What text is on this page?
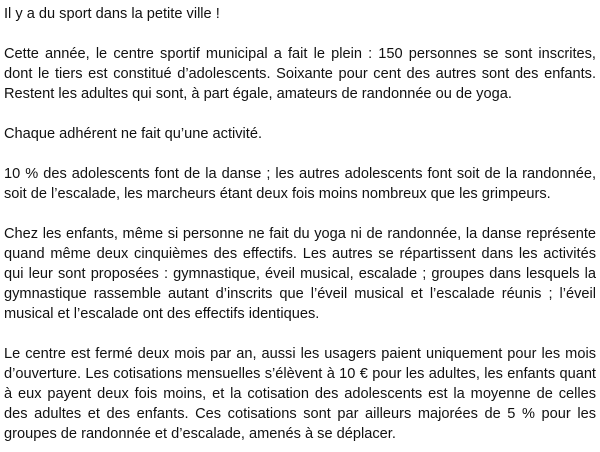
Il y a du sport dans la petite ville !

Cette année, le centre sportif municipal a fait le plein : 150 personnes se sont inscrites, dont le tiers est constitué d’adolescents. Soixante pour cent des autres sont des enfants. Restent les adultes qui sont, à part égale, amateurs de randonnée ou de yoga.

Chaque adhérent ne fait qu’une activité.

10 % des adolescents font de la danse ; les autres adolescents font soit de la randonnée, soit de l’escalade, les marcheurs étant deux fois moins nombreux que les grimpeurs.

Chez les enfants, même si personne ne fait du yoga ni de randonnée, la danse représente quand même deux cinquièmes des effectifs. Les autres se répartissent dans les activités qui leur sont proposées : gymnastique, éveil musical, escalade ; groupes dans lesquels la gymnastique rassemble autant d’inscrits que l’éveil musical et l’escalade réunis ; l’éveil musical et l’escalade ont des effectifs identiques.

Le centre est fermé deux mois par an, aussi les usagers paient uniquement pour les mois d’ouverture. Les cotisations mensuelles s’élèvent à 10 € pour les adultes, les enfants quant à eux payent deux fois moins, et la cotisation des adolescents est la moyenne de celles des adultes et des enfants. Ces cotisations sont par ailleurs majorées de 5 % pour les groupes de randonnée et d’escalade, amenés à se déplacer.
